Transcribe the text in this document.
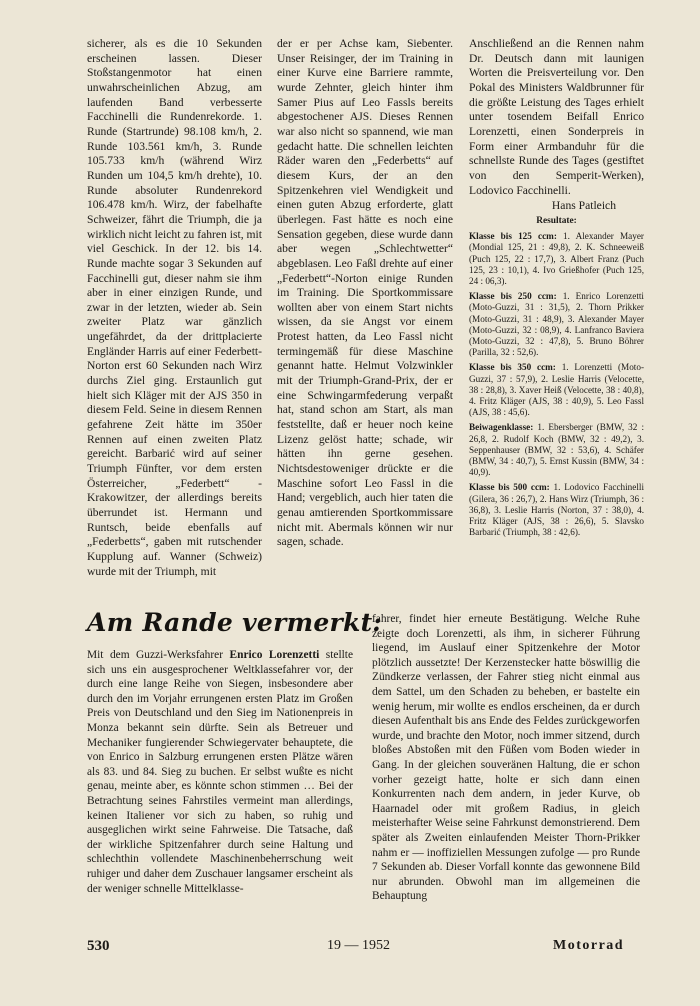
sicherer, als es die 10 Sekunden erscheinen lassen. Dieser Stoßstangenmotor hat einen unwahrscheinlichen Abzug, am laufenden Band verbesserte Facchinelli die Rundenrekorde. 1. Runde (Startrunde) 98.108 km/h, 2. Runde 103.561 km/h, 3. Runde 105.733 km/h (während Wirz Runden um 104,5 km/h drehte), 10. Runde absoluter Rundenrekord 106.478 km/h. Wirz, der fabelhafte Schweizer, fährt die Triumph, die ja wirklich nicht leicht zu fahren ist, mit viel Geschick. In der 12. bis 14. Runde machte sogar 3 Sekunden auf Facchinelli gut, dieser nahm sie ihm aber in einer einzigen Runde, und zwar in der letzten, wieder ab. Sein zweiter Platz war gänzlich ungefährdet, da der drittplacierte Engländer Harris auf einer Federbett-Norton erst 60 Sekunden nach Wirz durchs Ziel ging. Erstaunlich gut hielt sich Kläger mit der AJS 350 in diesem Feld. Seine in diesem Rennen gefahrene Zeit hätte im 350er Rennen auf einen zweiten Platz gereicht. Barbarić wird auf seiner Triumph Fünfter, vor dem ersten Österreicher, „Federbett“ - Krakowitzer, der allerdings bereits überrundet ist. Hermann und Runtsch, beide ebenfalls auf „Federbetts“, gaben mit rutschender Kupplung auf. Wanner (Schweiz) wurde mit der Triumph, mit
der er per Achse kam, Siebenter. Unser Reisinger, der im Training in einer Kurve eine Barriere rammte, wurde Zehnter, gleich hinter ihm Samer Pius auf Leo Fassls bereits abgestochener AJS. Dieses Rennen war also nicht so spannend, wie man gedacht hatte. Die schnellen leichten Räder waren den „Federbetts“ auf diesem Kurs, der an den Spitzenkehren viel Wendigkeit und einen guten Abzug erforderte, glatt überlegen. Fast hätte es noch eine Sensation gegeben, diese wurde dann aber wegen „Schlechtwetter“ abgeblasen. Leo Faßl drehte auf einer „Federbett“-Norton einige Runden im Training. Die Sportkommissare wollten aber von einem Start nichts wissen, da sie Angst vor einem Protest hatten, da Leo Fassl nicht termingemäß für diese Maschine genannt hatte. Helmut Volzwinkler mit der Triumph-Grand-Prix, der er eine Schwingarmfederung verpaßt hat, stand schon am Start, als man feststellte, daß er heuer noch keine Lizenz gelöst hatte; schade, wir hätten ihn gerne gesehen. Nichtsdestoweniger drückte er die Maschine sofort Leo Fassl in die Hand; vergeblich, auch hier taten die genau amtierenden Sportkommissare nicht mit. Abermals können wir nur sagen, schade.
Anschließend an die Rennen nahm Dr. Deutsch dann mit launigen Worten die Preisverteilung vor. Den Pokal des Ministers Waldbrunner für die größte Leistung des Tages erhielt unter tosendem Beifall Enrico Lorenzetti, einen Sonderpreis in Form einer Armbanduhr für die schnellste Runde des Tages (gestiftet von den Semperit-Werken), Lodovico Facchinelli.
Hans Patleich
Resultate:
Klasse bis 125 ccm: 1. Alexander Mayer (Mondial 125, 21 : 49,8), 2. K. Schneeweiß (Puch 125, 22 : 17,7), 3. Albert Franz (Puch 125, 23 : 10,1), 4. Ivo Grießhofer (Puch 125, 24 : 06,3).
Klasse bis 250 ccm: 1. Enrico Lorenzetti (Moto-Guzzi, 31 : 31,5), 2. Thorn Prikker (Moto-Guzzi, 31 : 48,9), 3. Alexander Mayer (Moto-Guzzi, 32 : 08,9), 4. Lanfranco Baviera (Moto-Guzzi, 32 : 47,8), 5. Bruno Böhrer (Parilla, 32 : 52,6).
Klasse bis 350 ccm: 1. Lorenzetti (Moto-Guzzi, 37 : 57,9), 2. Leslie Harris (Velocette, 38 : 28,8), 3. Xaver Heiß (Velocette, 38 : 40,8), 4. Fritz Kläger (AJS, 38 : 40,9), 5. Leo Fassl (AJS, 38 : 45,6).
Beiwagenklasse: 1. Ebersberger (BMW, 32 : 26,8, 2. Rudolf Koch (BMW, 32 : 49,2), 3. Seppenhauser (BMW, 32 : 53,6), 4. Schäfer (BMW, 34 : 40,7), 5. Ernst Kussin (BMW, 34 : 40,9).
Klasse bis 500 ccm: 1. Lodovico Facchinelli (Gilera, 36 : 26,7), 2. Hans Wirz (Triumph, 36 : 36,8), 3. Leslie Harris (Norton, 37 : 38,0), 4. Fritz Kläger (AJS, 38 : 26,6), 5. Slavsko Barbarić (Triumph, 38 : 42,6).
Am Rande vermerkt:
Mit dem Guzzi-Werksfahrer Enrico Lorenzetti stellte sich uns ein ausgesprochener Weltklassefahrer vor, der durch eine lange Reihe von Siegen, insbesondere aber durch den im Vorjahr errungenen ersten Platz im Großen Preis von Deutschland und den Sieg im Nationenpreis in Monza bekannt sein dürfte. Sein als Betreuer und Mechaniker fungierender Schwiegervater behauptete, die von Enrico in Salzburg errungenen ersten Plätze wären als 83. und 84. Sieg zu buchen. Er selbst wußte es nicht genau, meinte aber, es könnte schon stimmen … Bei der Betrachtung seines Fahrstiles vermeint man allerdings, keinen Italiener vor sich zu haben, so ruhig und ausgeglichen wirkt seine Fahrweise. Die Tatsache, daß der wirkliche Spitzenfahrer durch seine Haltung und schlechthin vollendete Maschinenbeherrschung weit ruhiger und daher dem Zuschauer langsamer erscheint als der weniger schnelle Mittelklasse-
fahrer, findet hier erneute Bestätigung. Welche Ruhe zeigte doch Lorenzetti, als ihm, in sicherer Führung liegend, im Auslauf einer Spitzenkehre der Motor plötzlich aussetzte! Der Kerzenstecker hatte böswillig die Zündkerze verlassen, der Fahrer stieg nicht einmal aus dem Sattel, um den Schaden zu beheben, er bastelte ein wenig herum, mir wollte es endlos erscheinen, da er durch diesen Aufenthalt bis ans Ende des Feldes zurückgeworfen wurde, und brachte den Motor, noch immer sitzend, durch bloßes Abstoßen mit den Füßen vom Boden wieder in Gang. In der gleichen souveränen Haltung, die er schon vorher gezeigt hatte, holte er sich dann einen Konkurrenten nach dem andern, in jeder Kurve, ob Haarnadel oder mit großem Radius, in gleich meisterhafter Weise seine Fahrkunst demonstrierend. Dem später als Zweiten einlaufenden Meister Thorn-Prikker nahm er — inoffiziellen Messungen zufolge — pro Runde 7 Sekunden ab. Dieser Vorfall konnte das gewonnene Bild nur abrunden. Obwohl man im allgemeinen die Behauptung
530	19 — 1952	Motorrad
